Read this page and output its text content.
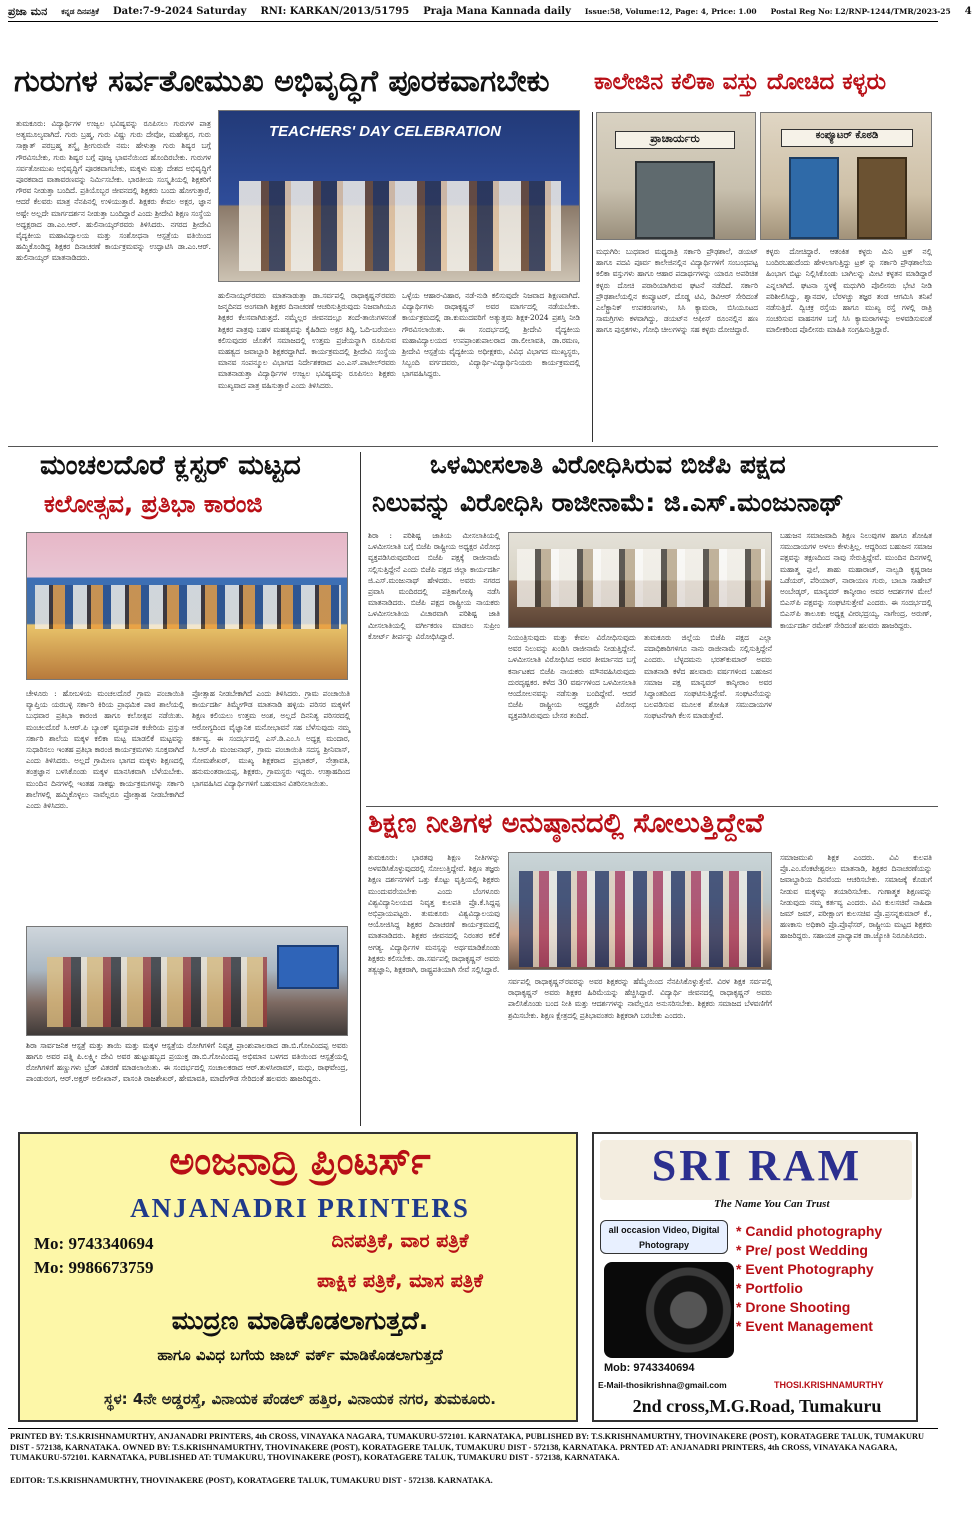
ಪ್ರಜಾ ಮನ ಕನ್ನಡ ದಿನಪತ್ರಿಕೆ Date:7-9-2024 Saturday RNI: KARKAN/2013/51795 Praja Mana Kannada daily Issue:58, Volume:12, Page: 4, Price: 1.00 Postal Reg No: L2/RNP-1244/TMR/2023-25 4
ಗುರುಗಳ ಸರ್ವತೋಮುಖ ಅಭಿವೃದ್ಧಿಗೆ ಪೂರಕವಾಗಬೇಕು
ತುಮಕೂರು: ವಿದ್ಯಾರ್ಥಿಗಳ ಉಜ್ವಲ ಭವಿಷ್ಯವನ್ನು ರೂಪಿಸಲು ಗುರುಗಳ ಪಾತ್ರ ಅತ್ಯಮೂಲ್ಯವಾಗಿದೆ. ಗುರು ಬ್ರಹ್ಮ, ಗುರು ವಿಷ್ಣು ಗುರು ದೇವೋ, ಮಹೇಶ್ವರ, ಗುರು ಸಾಕ್ಷಾತ್ ಪರಬ್ರಹ್ಮ ತಸ್ಮೈ ಶ್ರೀಗುರುವೇ ನಮ: ಹೇಳುತ್ತಾ ಗುರು ಶಿಷ್ಯರ ಬಗ್ಗೆ ಗೌರವಿಸಬೇಕು, ಗುರು ಶಿಷ್ಯರ ಬಗ್ಗೆ ಪೂಜ್ಯ ಭಾವನೆಯಿಂದ ಹೊಂದಿರಬೇಕು. ಗುರುಗಳ ಸರ್ವತೋಮುಖ ಅಭಿವೃದ್ಧಿಗೆ ಪೂರಕವಾಗಬೇಕು, ಮಕ್ಕಳು ಮತ್ತು ದೇಶದ ಅಭಿವೃದ್ಧಿಗೆ ಪೂರಕವಾದ ವಾತಾವರಣವನ್ನು ನಿರ್ಮಿಸಬೇಕು. ಭಾರತೀಯ ಸಂಸ್ಕೃತಿಯಲ್ಲಿ ಶಿಕ್ಷಕರಿಗೆ ಗೌರವ ನೀಡುತ್ತಾ ಬಂದಿದೆ. ಪ್ರತಿಯೊಬ್ಬರ ಜೀವನದಲ್ಲಿ ಶಿಕ್ಷಕರು ಬಂದು ಹೋಗುತ್ತಾರೆ, ಆದರೆ ಕೆಲವರು ಮಾತ್ರ ನೆನಪಿನಲ್ಲಿ ಉಳಿಯುತ್ತಾರೆ. ಶಿಕ್ಷಕರು ಕೇವಲ ಅಕ್ಷರ, ಜ್ಞಾನ ಅಷ್ಟೇ ಅಲ್ಲದೇ ಮಾರ್ಗದರ್ಶನ ನೀಡುತ್ತಾ ಬಂದಿದ್ದಾರೆ ಎಂದು ಶ್ರೀದೇವಿ ಶಿಕ್ಷಣ ಸಂಸ್ಥೆಯ ಅಧ್ಯಕ್ಷರಾದ ಡಾ.ಎಂ.ಆರ್. ಹುಲಿನಾಯ್ಕರ್‌ರವರು ತಿಳಿಸಿದರು. ನಗರದ ಶ್ರೀದೇವಿ ವೈದ್ಯಕೀಯ ಮಹಾವಿದ್ಯಾಲಯ ಮತ್ತು ಸಂಶೋಧನಾ ಆಸ್ಪತ್ರೆಯ ವತಿಯಿಂದ ಹಮ್ಮಿಕೊಂಡಿದ್ದ ಶಿಕ್ಷಕರ ದಿನಾಚರಣೆ ಕಾರ್ಯಕ್ರಮವನ್ನು ಉದ್ಘಾಟಿಸಿ ಡಾ.ಎಂ.ಆರ್. ಹುಲಿನಾಯ್ಕರ್ ಮಾತನಾಡಿದರು.
TEACHERS' DAY CELEBRATION
ಹುಲಿನಾಯ್ಕರ್‌ರವರು ಮಾತನಾಡುತ್ತಾ ಡಾ.ಸರ್ವಪಲ್ಲಿ ರಾಧಾಕೃಷ್ಣನ್‌ರವರು ಜನ್ಮದಿನದ ಅಂಗವಾಗಿ ಶಿಕ್ಷಕರ ದಿನಾಚರಣೆ ಆಚರಿಸುತ್ತಿರುವುದು ನಿಜವಾಗಿಯೂ ಶಿಕ್ಷಕರ ಕೆಲಸವಾಗಿರುತ್ತದೆ. ನಮ್ಮೆಲ್ಲರ ಜೀವನದಲ್ಲೂ ತಂದೆ-ತಾಯಿಗಳನಂತೆ ಶಿಕ್ಷಕರ ಪಾತ್ರವು ಬಹಳ ಮಹತ್ವವನ್ನು ಕೈಹಿಡಿದು ಅಕ್ಷರ ತಿದ್ದಿ, ಓದಿ-ಬರೆಯಲು ಕಲಿಸುವುದರ ಜೊತೆಗೆ ಸಮಾಜದಲ್ಲಿ ಉತ್ತಮ ಪ್ರಜೆಯನ್ನಾಗಿ ರೂಪಿಸುವ ಮಹತ್ವದ ಜವಾಬ್ದಾರಿ ಶಿಕ್ಷಕರದ್ದಾಗಿದೆ. ಕಾರ್ಯಕ್ರಮದಲ್ಲಿ ಶ್ರೀದೇವಿ ಸಂಸ್ಥೆಯ ಮಾನವ ಸಂಪನ್ಮೂಲ ವಿಭಾಗದ ನಿರ್ದೇಶಕರಾದ ಎಂ.ಎಸ್.ಪಾಟೀಲ್‌ರವರು ಮಾತನಾಡುತ್ತಾ ವಿದ್ಯಾರ್ಥಿಗಳ ಉಜ್ವಲ ಭವಿಷ್ಯವನ್ನು ರೂಪಿಸಲು ಶಿಕ್ಷಕರು ಮುಖ್ಯವಾದ ಪಾತ್ರ ವಹಿಸುತ್ತಾರೆ ಎಂದು ತಿಳಿಸಿದರು.
ಒಳ್ಳೆಯ ಆಹಾರ-ವಿಹಾರ, ನಡೆ-ನುಡಿ ಕಲಿಸುವುದೇ ನಿಜವಾದ ಶಿಕ್ಷಣವಾಗಿದೆ. ವಿದ್ಯಾರ್ಥಿಗಳು ರಾಧಾಕೃಷ್ಣನ್ ಅವರ ಮಾರ್ಗದಲ್ಲಿ ನಡೆಯಬೇಕು. ಕಾರ್ಯಕ್ರಮದಲ್ಲಿ ಡಾ.ಕುಮುದವರಿಗೆ ಅತ್ಯುತ್ತಮ ಶಿಕ್ಷಕ-2024 ಪ್ರಶಸ್ತಿ ನೀಡಿ ಗೌರವಿಸಲಾಯಿತು. ಈ ಸಂದರ್ಭದಲ್ಲಿ ಶ್ರೀದೇವಿ ವೈದ್ಯಕೀಯ ಮಹಾವಿದ್ಯಾಲಯದ ಉಪಪ್ರಾಂಶುಪಾಲರಾದ ಡಾ.ಲೀಲಾವತಿ, ಡಾ.ರಮಣ, ಶ್ರೀದೇವಿ ಆಸ್ಪತ್ರೆಯ ವೈದ್ಯಕೀಯ ಅಧೀಕ್ಷಕರು, ವಿವಿಧ ವಿಭಾಗದ ಮುಖ್ಯಸ್ಥರು, ಸಿಬ್ಬಂದಿ ವರ್ಗದವರು, ವಿದ್ಯಾರ್ಥಿ-ವಿದ್ಯಾರ್ಥಿನಿಯರು ಕಾರ್ಯಕ್ರಮದಲ್ಲಿ ಭಾಗವಹಿಸಿದ್ದರು.
ಕಾಲೇಜಿನ ಕಲಿಕಾ ವಸ್ತು ದೋಚಿದ ಕಳ್ಳರು
ಪ್ರಾಚಾರ್ಯರು	ಕಂಪ್ಯೂಟರ್ ಕೊಠಡಿ
ಮಧುಗಿರಿ: ಬುಧವಾರ ಮಧ್ಯರಾತ್ರಿ ಸರ್ಕಾರಿ ಪ್ರೌಢಶಾಲೆ, ಡಯಟ್ ಹಾಗೂ ಪದವಿ ಪೂರ್ವ ಕಾಲೇಜಿನಲ್ಲಿನ ವಿದ್ಯಾರ್ಥಿಗಳಿಗೆ ಸಂಬಂಧಪಟ್ಟ ಕಲಿಕಾ ವಸ್ತುಗಳು ಹಾಗೂ ಆಹಾರ ಪದಾರ್ಥಗಳನ್ನು ಯಾರೂ ಅಪರಿಚಿತ ಕಳ್ಳರು ದೋಚಿ ಪರಾರಿಯಾಗಿರುವ ಘಟನೆ ನಡೆದಿದೆ. ಸರ್ಕಾರಿ ಪ್ರೌಢಶಾಲೆಯಲ್ಲಿನ ಕಂಪ್ಯೂಟರ್, ದೊಡ್ಡ ಟಿವಿ, ಡಿವಿಆರ್ ಸೇರಿದಂತೆ ಎಲೆಕ್ಟ್ರಾನಿಕ್ ಉಪಕರಣಗಳು, ಸಿಸಿ ಕ್ಯಾಮರಾ, ಬಿಸಿಯೂಟದ ಸಾಮಗ್ರಿಗಳು ಕಳವಾಗಿದ್ದು, ಡಯಟ್‌ನ ಆಫೀಸ್ ರೂಂನಲ್ಲಿನ ಹಣ ಹಾಗೂ ಪುಸ್ತಕಗಳು, ಗೋಧಿ ಚೀಲಗಳನ್ನು ಸಹ ಕಳ್ಳರು ದೋಚಿದ್ದಾರೆ.
ಕಳ್ಳರು ದೋಚಿದ್ದಾರೆ. ಆತಂಕಿತ ಕಳ್ಳರು ಮಿನಿ ಟ್ರಕ್ ನಲ್ಲಿ ಬಂದಿರಬಹುದೆಂದು ಹೇಳಲಾಗುತ್ತಿದ್ದು ಟ್ರಕ್ ನ್ನು ಸರ್ಕಾರಿ ಪ್ರೌಢಶಾಲೆಯ ಹಿಂಭಾಗ ಬಿಟ್ಟು ನಿಲ್ಲಿಸಿಕೊಂಡು ಬಾಗಿಲನ್ನು ಮೀಟಿ ಕಳ್ಳತನ ಮಾಡಿದ್ದಾರೆ ಎನ್ನಲಾಗಿದೆ. ಘಟನಾ ಸ್ಥಳಕ್ಕೆ ಮಧುಗಿರಿ ಪೊಲೀಸರು ಭೇಟಿ ನೀಡಿ ಪರಿಶೀಲಿಸಿದ್ದು, ಶ್ವಾನದಳ, ಬೆರಳಚ್ಚು ತಜ್ಞರ ತಂಡ ಆಗಮಿಸಿ ತನಿಖೆ ನಡೆಸುತ್ತಿದೆ. ದ್ವಿಚಕ್ರ ರಸ್ತೆಯ ಹಾಗೂ ಮುಖ್ಯ ರಸ್ತೆ ಗಳಲ್ಲಿ ರಾತ್ರಿ ಸಂಚರಿಸುವ ವಾಹನಗಳ ಬಗ್ಗೆ ಸಿಸಿ ಕ್ಯಾಮರಾಗಳನ್ನು ಅಳವಡಿಸುವಂತೆ ಮಾಲೀಕರಿಂದ ಪೊಲೀಸರು ಮಾಹಿತಿ ಸಂಗ್ರಹಿಸುತ್ತಿದ್ದಾರೆ.
ಮಂಚಲದೊರೆ ಕ್ಲಸ್ಟರ್ ಮಟ್ಟದ
ಕಲೋತ್ಸವ, ಪ್ರತಿಭಾ ಕಾರಂಜಿ
ಚೇಳೂರು : ಹೋಬಳಿಯ ಮಂಚಲದೊರೆ ಗ್ರಾಮ ಪಂಚಾಯಿತಿ ವ್ಯಾಪ್ತಿಯ ಯರಬಳ್ಳಿ ಸರ್ಕಾರಿ ಕಿರಿಯ ಪ್ರಾಥಮಿಕ ಪಾಠ ಶಾಲೆಯಲ್ಲಿ ಬುಧವಾರ ಪ್ರತಿಭಾ ಕಾರಂಜಿ ಹಾಗೂ ಕಲೋತ್ಸವ ನಡೆಯಿತು. ಮಂಚಲದೊರೆ ಸಿ.ಆರ್.ಪಿ ಬ್ಯಾಂಕ್ ವ್ಯವಸ್ಥಾಪಕ ಕಚೇರಿಯ ಪ್ರಸ್ತುತ ಸರ್ಕಾರಿ ಶಾಲೆಯ ಮಕ್ಕಳ ಕಲಿಕಾ ಮಟ್ಟ ಮಾಡಲಿಕೆ ಮಟ್ಟವನ್ನು ಸುಧಾರಿಸಲು ಇಂತಹ ಪ್ರತಿಭಾ ಕಾರಂಜಿ ಕಾರ್ಯಕ್ರಮಗಳು ಸೂಕ್ತವಾಗಿದೆ ಎಂದು ತಿಳಿಸಿದರು. ಅಲ್ಲದೆ ಗ್ರಾಮೀಣ ಭಾಗದ ಮಕ್ಕಳು ಶಿಕ್ಷಣದಲ್ಲಿ ತಂತ್ರಜ್ಞಾನ ಬಳಸಿಕೊಂಡು ಮಕ್ಕಳ ಮಾನಸಿಕವಾಗಿ ಬೆಳೆಯಬೇಕು. ಮುಂದಿನ ದಿನಗಳಲ್ಲಿ ಇಂತಹ ಸಾಕಷ್ಟು ಕಾರ್ಯಕ್ರಮಗಳನ್ನು ಸರ್ಕಾರಿ ಶಾಲೆಗಳಲ್ಲಿ ಹಮ್ಮಿಕೊಳ್ಳಲು ನಾವೆಲ್ಲರೂ ಪ್ರೋತ್ಸಾಹ ನೀಡಬೇಕಾಗಿದೆ ಎಂದು ತಿಳಿಸಿದರು.
ಪ್ರೋತ್ಸಾಹ ನೀಡಬೇಕಾಗಿದೆ ಎಂದು ತಿಳಿಸಿದರು. ಗ್ರಾಮ ಪಂಚಾಯಿತಿ ಕಾರ್ಯದರ್ಶಿ ತಿಮ್ಮೇಗೌಡ ಮಾತನಾಡಿ ಹಳ್ಳಿಯ ಪರಿಸರ ಮಕ್ಕಳಿಗೆ ಶಿಕ್ಷಣ ಕಲಿಯಲು ಉತ್ತಮ ಅಂಶ, ಅಲ್ಲದೆ ದಿನನಿತ್ಯ ಪರಿಸರದಲ್ಲಿ ಆರೋಗ್ಯದಿಂದ ವೈಜ್ಞಾನಿಕ ಮನೋಭಾವನೆ ಸಹ ಬೆಳೆಸುವುದು ನಮ್ಮ ಕರ್ತವ್ಯ. ಈ ಸಂದರ್ಭದಲ್ಲಿ ಎಸ್.ಡಿ.ಎಂ.ಸಿ ಅಧ್ಯಕ್ಷ ಮಂದಾರ, ಸಿ.ಆರ್.ಪಿ ಮಂಜುನಾಥ್, ಗ್ರಾಮ ಪಂಚಾಯಿತಿ ಸದಸ್ಯ ಶ್ರೀನಿವಾಸ್, ಸೋಮಶೇಖರ್, ಮುಖ್ಯ ಶಿಕ್ಷಕರಾದ ಪ್ರಭಾಕರ್, ನೇತ್ರಾವತಿ, ಹನುಮಂತರಾಯಪ್ಪ, ಶಿಕ್ಷಕರು, ಗ್ರಾಮಸ್ಥರು ಇದ್ದರು. ಉತ್ಸಾಹದಿಂದ ಭಾಗವಹಿಸಿದ ವಿದ್ಯಾರ್ಥಿಗಳಿಗೆ ಬಹುಮಾನ ವಿತರಿಸಲಾಯಿತು.
ಶಿರಾ ಸಾರ್ವಜನಿಕ ಆಸ್ಪತ್ರೆ ಮತ್ತು ತಾಯಿ ಮತ್ತು ಮಕ್ಕಳ ಆಸ್ಪತ್ರೆಯ ರೋಗಿಗಳಿಗೆ ನಿವೃತ್ತ ಪ್ರಾಂಶುಪಾಲರಾದ ಡಾ.ಬಿ.ಗೋವಿಂದಪ್ಪ ಅವರು ಹಾಗೂ ಅವರ ಪತ್ನಿ ಪಿ.ಲಕ್ಷ್ಮೀ ದೇವಿ ಅವರ ಹುಟ್ಟುಹಬ್ಬದ ಪ್ರಯುಕ್ತ ಡಾ.ಬಿ.ಗೋವಿಂದಪ್ಪ ಅಭಿಮಾನ ಬಳಗದ ವತಿಯಿಂದ ಆಸ್ಪತ್ರೆಯಲ್ಲಿ ರೋಗಿಗಳಿಗೆ ಹಣ್ಣುಗಳು ಬ್ರೆಡ್ ವಿತರಣೆ ಮಾಡಲಾಯಿತು. ಈ ಸಂದರ್ಭದಲ್ಲಿ ಸಂಚಾಲಕರಾದ ಆರ್.ತುಳಸೀರಾಮ್, ಮಧು, ರಾಘವೇಂದ್ರ, ಪಾಂಡುರಂಗ, ಆರ್.ಅಕ್ಷರ್ ಅಲೀಖಾನ್, ವಾಸಂತಿ ರಾಜಶೇಖರ್, ಹೇಮಾವತಿ, ಮಾದೇಗೌಡ ಸೇರಿದಂತೆ ಹಲವರು ಹಾಜರಿದ್ದರು.
ಒಳಮೀಸಲಾತಿ ವಿರೋಧಿಸಿರುವ ಬಿಜೆಪಿ ಪಕ್ಷದ
ನಿಲುವನ್ನು ವಿರೋಧಿಸಿ ರಾಜೀನಾಮೆ: ಜಿ.ಎಸ್.ಮಂಜುನಾಥ್
ಶಿರಾ : ಪರಿಶಿಷ್ಟ ಜಾತಿಯ ಮೀಸಲಾತಿಯಲ್ಲಿ ಒಳಮೀಸಲಾತಿ ಬಗ್ಗೆ ಬಿಜೆಪಿ ರಾಷ್ಟ್ರೀಯ ಅಧ್ಯಕ್ಷರ ವಿರೋಧ ವ್ಯಕ್ತಪಡಿಸಿರುವುದರಿಂದ ಬಿಜೆಪಿ ಪಕ್ಷಕ್ಕೆ ರಾಜೀನಾಮೆ ಸಲ್ಲಿಸುತ್ತಿದ್ದೇನೆ ಎಂದು ಬಿಜೆಪಿ ಪಕ್ಷದ ಜಿಲ್ಲಾ ಕಾರ್ಯದರ್ಶಿ ಜಿ.ಎಸ್.ಮಂಜುನಾಥ್ ಹೇಳಿದರು. ಅವರು ನಗರದ ಪ್ರವಾಸಿ ಮಂದಿರದಲ್ಲಿ ಪತ್ರಿಕಾಗೋಷ್ಠಿ ನಡೆಸಿ ಮಾತನಾಡಿದರು. ಬಿಜೆಪಿ ಪಕ್ಷದ ರಾಷ್ಟ್ರೀಯ ನಾಯಕರು ಒಳಮೀಸಲಾತಿಯ ವಿಚಾರವಾಗಿ ಪರಿಶಿಷ್ಟ ಜಾತಿ ಮೀಸಲಾತಿಯಲ್ಲಿ ವರ್ಗೀಕರಣ ಮಾಡಲು ಸುಪ್ರೀಂ ಕೋರ್ಟ್ ತೀರ್ಪನ್ನು ವಿರೋಧಿಸಿದ್ದಾರೆ.	ನಿಯಂತ್ರಿಸುವುದು ಮತ್ತು ಕೇವಲ ವಿರೋಧಿಸುವುದು ಅವರ ನಿಲುವನ್ನು ಖಂಡಿಸಿ ರಾಜೀನಾಮೆ ನೀಡುತ್ತಿದ್ದೇನೆ. ಒಳಮೀಸಲಾತಿ ವಿರೋಧಿಸಿದ ಅವರ ತೀರ್ಮಾನದ ಬಗ್ಗೆ ಕರ್ನಾಟಕದ ಬಿಜೆಪಿ ನಾಯಕರು ಮೌನವಹಿಸಿರುವುದು ದುರದೃಷ್ಟಕರ. ಕಳೆದ 30 ವರ್ಷಗಳಿಂದ ಒಳಮೀಸಲಾತಿ ಆಂದೋಲನವನ್ನು ನಡೆಸುತ್ತಾ ಬಂದಿದ್ದೇವೆ. ಆದರೆ ಬಿಜೆಪಿ ರಾಷ್ಟ್ರೀಯ ಅಧ್ಯಕ್ಷರೇ ವಿರೋಧ ವ್ಯಕ್ತಪಡಿಸಿರುವುದು ಬೇಸರ ತಂದಿದೆ.
ತುಮಕೂರು ಜಿಲ್ಲೆಯ ಬಿಜೆಪಿ ಪಕ್ಷದ ಎಲ್ಲಾ ಪದಾಧಿಕಾರಿಗಳಿಗೂ ನಾನು ರಾಜೀನಾಮೆ ಸಲ್ಲಿಸುತ್ತಿದ್ದೇನೆ ಎಂದರು. ಬೆಳ್ಳದಮನು ಭರತ್‌ಕುಮಾರ್ ಅವರು ಮಾತನಾಡಿ ಕಳೆದ ಹಲವಾರು ವರ್ಷಗಳಿಂದ ಬಹುಜನ ಸಮಾಜ ಪಕ್ಷ ಮಾನ್ಯವರ್ ಕಾನ್ಶೀರಾಂ ಅವರ ಸಿದ್ಧಾಂತದಿಂದ ಸಂಘಟಿಸುತ್ತಿದ್ದೇವೆ. ಸಂಘಟನೆಯನ್ನು ಬಲಪಡಿಸುವ ಮೂಲಕ ಶೋಷಿತ ಸಮುದಾಯಗಳ ಸಂಘಟನೆಗಾಗಿ ಕೆಲಸ ಮಾಡುತ್ತೇವೆ.
ಬಹುಜನ ಸಮಾಜವಾದಿ ಶಿಕ್ಷಣ ನಿಲುವುಗಳ ಹಾಗೂ ಶೋಷಿತ ಸಮುದಾಯಗಳ ಅಳಲು ಕೇಳುತ್ತಿಲ್ಲ. ಆದ್ದರಿಂದ ಬಹುಜನ ಸಮಾಜ ಪಕ್ಷವನ್ನು ತಕ್ಷಣದಿಂದ ನಾವು ಸೇರುತ್ತಿದ್ದೇವೆ. ಮುಂದಿನ ದಿನಗಳಲ್ಲಿ ಮಹಾತ್ಮ ಫುಲೆ, ಶಾಹು ಮಹಾರಾಜ್, ನಾಲ್ವಡಿ ಕೃಷ್ಣರಾಜ ಒಡೆಯರ್, ಪೆರಿಯಾರ್, ನಾರಾಯಣ ಗುರು, ಬಾಬಾ ಸಾಹೇಬ್ ಅಂಬೇಡ್ಕರ್, ಮಾನ್ಯವರ್ ಕಾನ್ಶೀರಾಂ ಅವರ ಆದರ್ಶಗಳ ಮೇಲೆ ಬಿಎಸ್‌ಪಿ ಪಕ್ಷವನ್ನು ಸಂಘಟಿಸುತ್ತೇವೆ ಎಂದರು. ಈ ಸಂದರ್ಭದಲ್ಲಿ ಬಿಎಸ್‌ಪಿ ತಾಲೂಕು ಅಧ್ಯಕ್ಷ ವೀರಭದ್ರಯ್ಯ, ನಾಗೇಂದ್ರ, ಅರುಣ್, ಕಾರ್ಯದರ್ಶಿ ರಮೇಶ್ ಸೇರಿದಂತೆ ಹಲವರು ಹಾಜರಿದ್ದರು.
ಶಿಕ್ಷಣ ನೀತಿಗಳ ಅನುಷ್ಠಾನದಲ್ಲಿ ಸೋಲುತ್ತಿದ್ದೇವೆ
ತುಮಕೂರು: ಭಾರತವು ಶಿಕ್ಷಣ ನೀತಿಗಳನ್ನು ಅಳವಡಿಸಿಕೊಳ್ಳುವುದರಲ್ಲಿ ಸೋಲುತ್ತಿದ್ದೇವೆ. ಶಿಕ್ಷಣ ತಜ್ಞರು ಶಿಕ್ಷಣ ದರ್ಶನಗಳಿಗೆ ಒತ್ತು ಕೊಟ್ಟು ವೃತ್ತಿಯಲ್ಲಿ ಶಿಕ್ಷಕರು ಮುಂದುವರೆಯಬೇಕು ಎಂದು ಬೆಂಗಳೂರು ವಿಶ್ವವಿದ್ಯಾನಿಲಯದ ನಿವೃತ್ತ ಕುಲಪತಿ ಪ್ರೊ.ಕೆ.ಸಿದ್ದಪ್ಪ ಅಭಿಪ್ರಾಯಪಟ್ಟರು. ತುಮಕೂರು ವಿಶ್ವವಿದ್ಯಾಲಯವು ಆಯೋಜಿಸಿದ್ದ ಶಿಕ್ಷಕರ ದಿನಾಚರಣೆ ಕಾರ್ಯಕ್ರಮದಲ್ಲಿ ಮಾತನಾಡಿದರು. ಶಿಕ್ಷಕರ ಜೀವನದಲ್ಲಿ ನಿರಂತರ ಕಲಿಕೆ ಅಗತ್ಯ. ವಿದ್ಯಾರ್ಥಿಗಳ ಮನಸ್ಸನ್ನು ಅರ್ಥಮಾಡಿಕೊಂಡು ಶಿಕ್ಷಕರು ಕಲಿಸಬೇಕು. ಡಾ.ಸರ್ವಪಲ್ಲಿ ರಾಧಾಕೃಷ್ಣನ್ ಅವರು ತತ್ವಜ್ಞಾನಿ, ಶಿಕ್ಷಕರಾಗಿ, ರಾಷ್ಟ್ರಪತಿಯಾಗಿ ಸೇವೆ ಸಲ್ಲಿಸಿದ್ದಾರೆ.
ಸರ್ವಪಲ್ಲಿ ರಾಧಾಕೃಷ್ಣನ್‌ರವರನ್ನು ಅವರ ಶಿಕ್ಷಕರನ್ನು ಹೆಮ್ಮೆಯಿಂದ ನೆನಪಿಸಿಕೊಳ್ಳುತ್ತೇವೆ. ವಿರಳ ಶಿಕ್ಷಕ ಸರ್ವಪಲ್ಲಿ ರಾಧಾಕೃಷ್ಣನ್ ಅವರು ಶಿಕ್ಷಕರ ಹಿರಿಮೆಯನ್ನು ಹೆಚ್ಚಿಸಿದ್ದಾರೆ. ವಿದ್ಯಾರ್ಥಿ ಜೀವನದಲ್ಲಿ ರಾಧಾಕೃಷ್ಣನ್ ಅವರು ಪಾಲಿಸಿಕೊಂಡು ಬಂದ ನೀತಿ ಮತ್ತು ಆದರ್ಶಗಳನ್ನು ನಾವೆಲ್ಲರೂ ಅನುಸರಿಸಬೇಕು. ಶಿಕ್ಷಕರು ಸಮಾಜದ ಬೆಳವಣಿಗೆಗೆ ಶ್ರಮಿಸಬೇಕು. ಶಿಕ್ಷಣ ಕ್ಷೇತ್ರದಲ್ಲಿ ಪ್ರತಿಭಾವಂತರು ಶಿಕ್ಷಕರಾಗಿ ಬರಬೇಕು ಎಂದರು.
ಸಮಾಜಮುಖಿ ಶಿಕ್ಷಕ ಎಂದರು. ವಿವಿ ಕುಲಪತಿ ಪ್ರೊ.ಎಂ.ವೆಂಕಟೇಶ್ವರಲು ಮಾತನಾಡಿ, ಶಿಕ್ಷಕರ ದಿನಾಚರಣೆಯನ್ನು ಜವಾಬ್ದಾರಿಯ ದಿನವೆಂದು ಆಚರಿಸಬೇಕು. ಸಮಾಜಕ್ಕೆ ಕೊಡುಗೆ ನೀಡುವ ಮಕ್ಕಳನ್ನು ತಯಾರಿಸಬೇಕು. ಗುಣಾತ್ಮಕ ಶಿಕ್ಷಣವನ್ನು ನೀಡುವುದು ನಮ್ಮ ಕರ್ತವ್ಯ ಎಂದರು. ವಿವಿ ಕುಲಸಚಿವೆ ನಾಹಿದಾ ಜಮ್ ಜಮ್, ಪರೀಕ್ಷಾಂಗ ಕುಲಸಚಿವ ಪ್ರೊ.ಪ್ರಸನ್ನಕುಮಾರ್ ಕೆ., ಹಣಕಾಸು ಅಧಿಕಾರಿ ಪ್ರೊ.ಪ್ರೊಫೆಸರ್, ರಾಷ್ಟ್ರೀಯ ಮಟ್ಟದ ಶಿಕ್ಷಕರು ಹಾಜರಿದ್ದರು. ಸಹಾಯಕ ಪ್ರಾಧ್ಯಾಪಕ ಡಾ.ಜ್ಯೋತಿ ನಿರೂಪಿಸಿದರು.
ಅಂಜನಾದ್ರಿ ಪ್ರಿಂಟರ್ಸ್
ANJANADRI PRINTERS
Mo: 9743340694
Mo: 9986673759
ದಿನಪತ್ರಿಕೆ, ವಾರ ಪತ್ರಿಕೆ
ಪಾಕ್ಷಿಕ ಪತ್ರಿಕೆ, ಮಾಸ ಪತ್ರಿಕೆ
ಮುದ್ರಣ ಮಾಡಿಕೊಡಲಾಗುತ್ತದೆ.
ಹಾಗೂ ವಿವಿಧ ಬಗೆಯ ಜಾಬ್ ವರ್ಕ್ ಮಾಡಿಕೊಡಲಾಗುತ್ತದೆ
ಸ್ಥಳ: 4ನೇ ಅಡ್ಡರಸ್ತೆ, ವಿನಾಯಕ ಪೆಂಡಲ್ ಹತ್ತಿರ, ವಿನಾಯಕ ನಗರ, ತುಮಕೂರು.
SRI RAM
The Name You Can Trust
all occasion Video, Digital Photograpy
* Candid photography
* Pre/ post Wedding
* Event Photography
* Portfolio
* Drone Shooting
* Event Management
Mob: 9743340694
E-Mail-thosikrishna@gmail.com	THOSI.KRISHNAMURTHY
2nd cross,M.G.Road, Tumakuru
PRINTED BY: T.S.KRISHNAMURTHY, ANJANADRI PRINTERS, 4th CROSS, VINAYAKA NAGARA, TUMAKURU-572101. KARNATAKA, PUBLISHED BY: T.S.KRISHNAMURTHY, THOVINAKERE (POST), KORATAGERE TALUK, TUMAKURU DIST - 572138, KARNATAKA. OWNED BY: T.S.KRISHNAMURTHY, THOVINAKERE (POST), KORATAGERE TALUK, TUMAKURU DIST - 572138, KARNATAKA. PRNTED AT: ANJANADRI PRINTERS, 4th CROSS, VINAYAKA NAGARA, TUMAKURU-572101. KARNATAKA, PUBLISHED AT: TUMAKURU, THOVINAKERE (POST), KORATAGERE TALUK, TUMAKURU DIST - 572138, KARNATAKA.
EDITOR: T.S.KRISHNAMURTHY, THOVINAKERE (POST), KORATAGERE TALUK, TUMAKURU DIST - 572138. KARNATAKA.
